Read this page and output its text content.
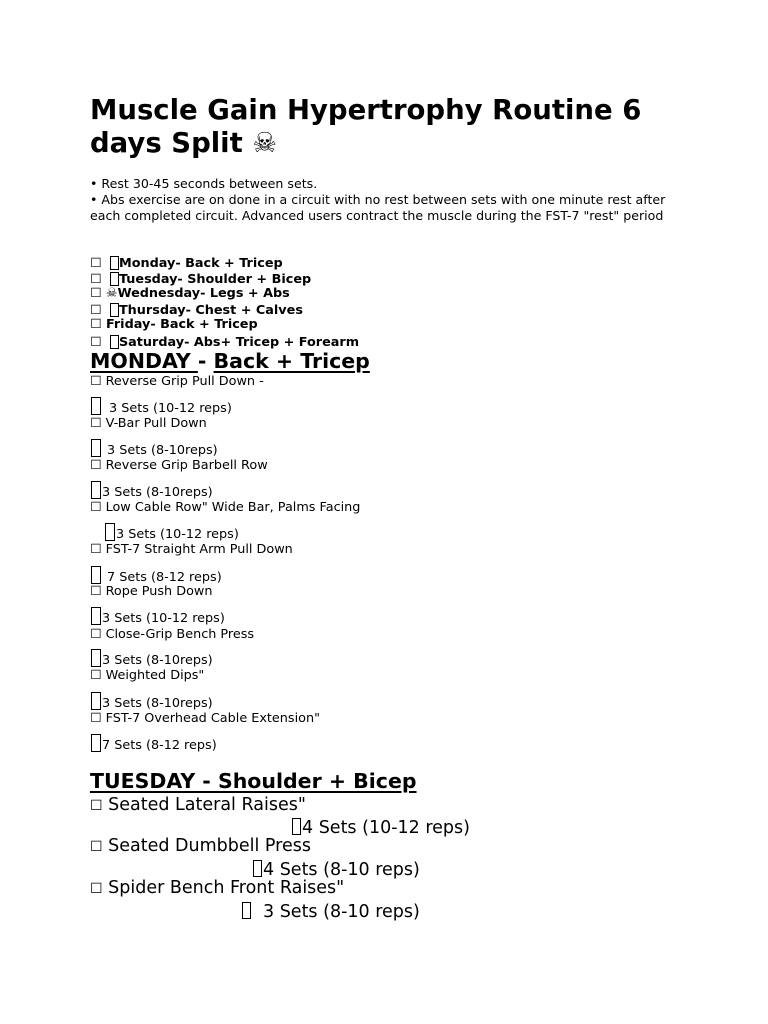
Muscle Gain Hypertrophy Routine 6 days Split ☠
• Rest 30-45 seconds between sets.
• Abs exercise are on done in a circuit with no rest between sets with one minute rest after each completed circuit. Advanced users contract the muscle during the FST-7 "rest" period
☐ Monday- Back + Tricep
☐ Tuesday- Shoulder + Bicep
☐ ☠Wednesday- Legs + Abs
☐ Thursday- Chest + Calves
☐ Friday- Back + Tricep
☐ Saturday- Abs+ Tricep + Forearm
MONDAY - Back + Tricep
☐ Reverse Grip Pull Down -
3 Sets (10-12 reps)
☐ V-Bar Pull Down
3 Sets (8-10reps)
☐ Reverse Grip Barbell Row
3 Sets (8-10reps)
☐ Low Cable Row" Wide Bar, Palms Facing
3 Sets (10-12 reps)
☐ FST-7 Straight Arm Pull Down
7 Sets (8-12 reps)
☐ Rope Push Down
3 Sets (10-12 reps)
☐ Close-Grip Bench Press
3 Sets (8-10reps)
☐ Weighted Dips"
3 Sets (8-10reps)
☐ FST-7 Overhead Cable Extension"
7 Sets (8-12 reps)
TUESDAY - Shoulder + Bicep
☐ Seated Lateral Raises"
4 Sets (10-12 reps)
☐ Seated Dumbbell Press
4 Sets (8-10 reps)
☐ Spider Bench Front Raises"
3 Sets (8-10 reps)
